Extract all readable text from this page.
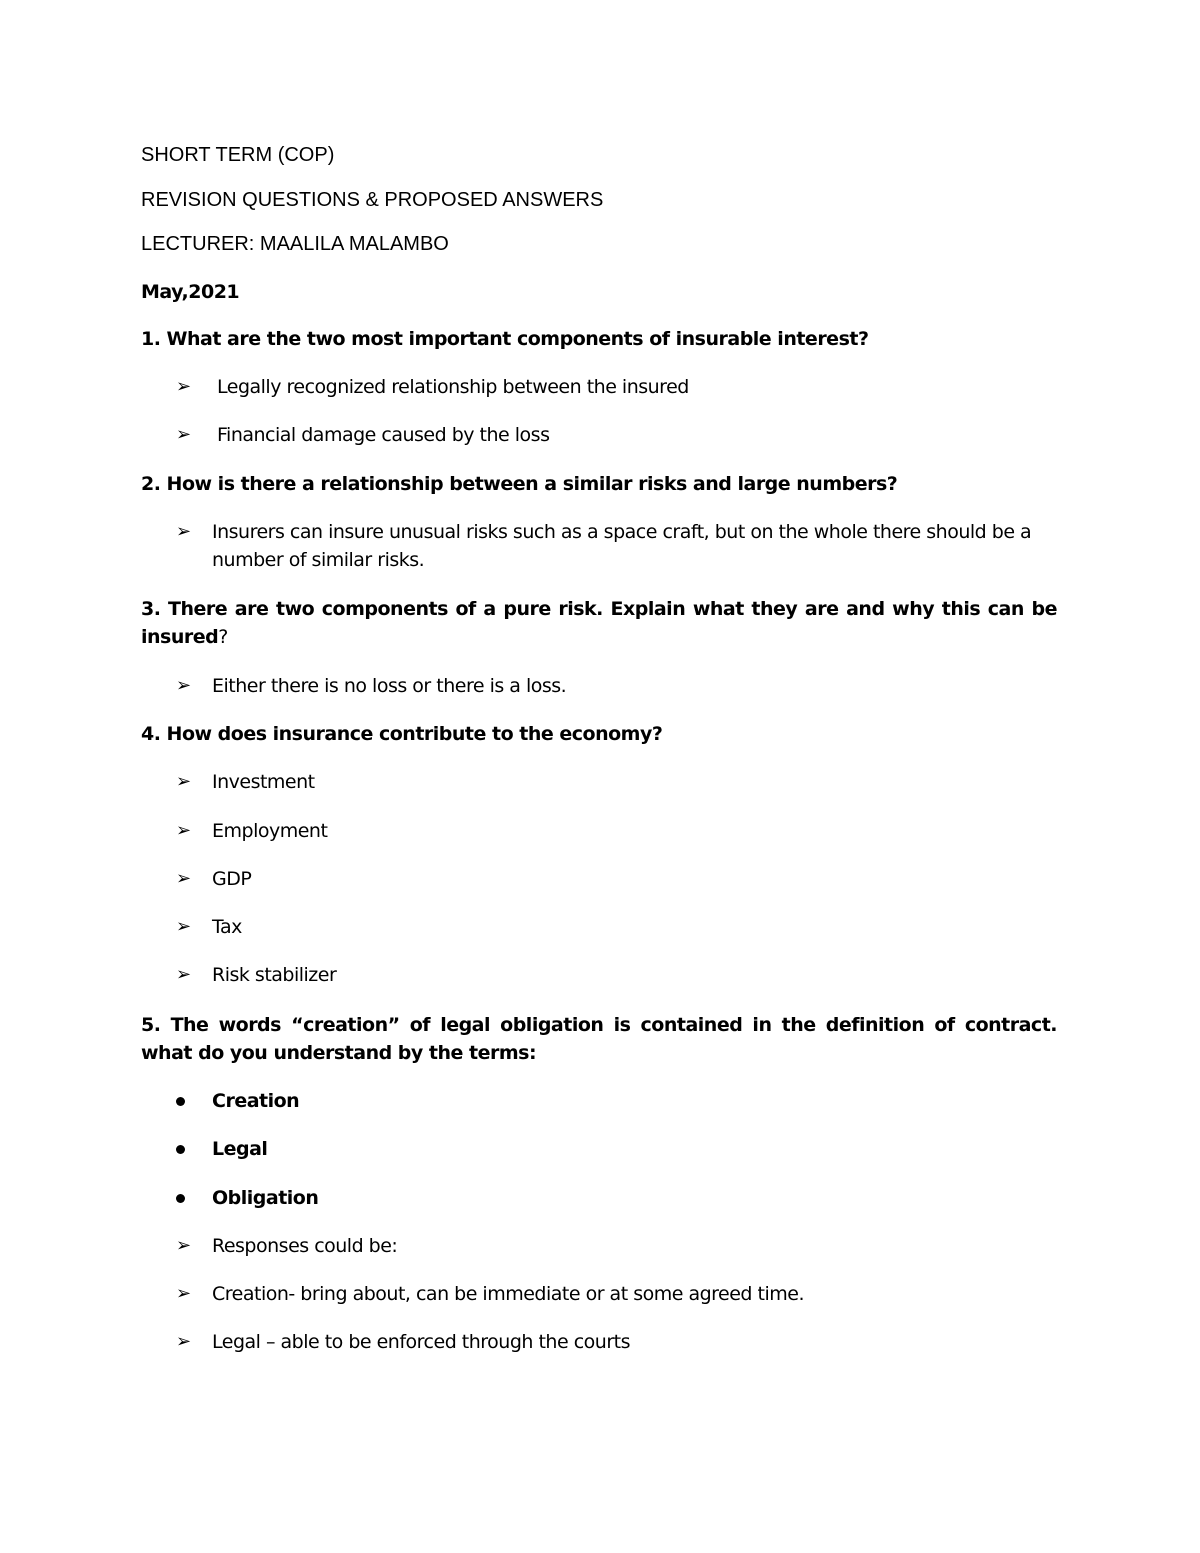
SHORT TERM (COP)
REVISION QUESTIONS & PROPOSED ANSWERS
LECTURER: MAALILA MALAMBO
May,2021
1. What are the two most important components of insurable interest?
➢ Legally recognized relationship between the insured
➢ Financial damage caused by the loss
2. How is there a relationship between a similar risks and large numbers?
➢ Insurers can insure unusual risks such as a space craft, but on the whole there should be a number of similar risks.
3. There are two components of a pure risk. Explain what they are and why this can be insured?
➢ Either there is no loss or there is a loss.
4. How does insurance contribute to the economy?
➢ Investment
➢ Employment
➢ GDP
➢ Tax
➢ Risk stabilizer
5. The words “creation” of legal obligation is contained in the definition of contract. what do you understand by the terms:
Creation
Legal
Obligation
➢ Responses could be:
➢ Creation- bring about, can be immediate or at some agreed time.
➢ Legal – able to be enforced through the courts
